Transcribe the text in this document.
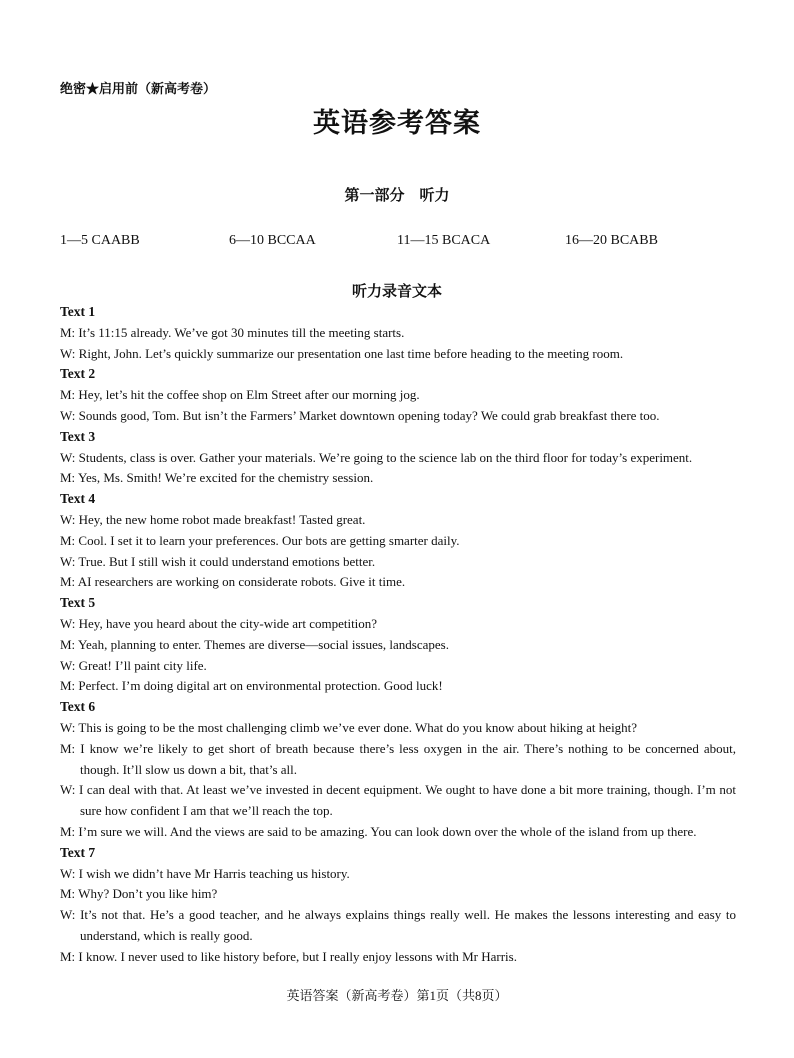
绝密★启用前（新高考卷）
英语参考答案
第一部分　听力
1—5 CAABB	6—10 BCCAA	11—15 BCACA	16—20 BCABB
听力录音文本
Text 1
M: It’s 11:15 already. We’ve got 30 minutes till the meeting starts.
W: Right, John. Let’s quickly summarize our presentation one last time before heading to the meeting room.
Text 2
M: Hey, let’s hit the coffee shop on Elm Street after our morning jog.
W: Sounds good, Tom. But isn’t the Farmers’ Market downtown opening today? We could grab breakfast there too.
Text 3
W: Students, class is over. Gather your materials. We’re going to the science lab on the third floor for today’s experiment.
M: Yes, Ms. Smith! We’re excited for the chemistry session.
Text 4
W: Hey, the new home robot made breakfast! Tasted great.
M: Cool. I set it to learn your preferences. Our bots are getting smarter daily.
W: True. But I still wish it could understand emotions better.
M: AI researchers are working on considerate robots. Give it time.
Text 5
W: Hey, have you heard about the city-wide art competition?
M: Yeah, planning to enter. Themes are diverse—social issues, landscapes.
W: Great! I’ll paint city life.
M: Perfect. I’m doing digital art on environmental protection. Good luck!
Text 6
W: This is going to be the most challenging climb we’ve ever done. What do you know about hiking at height?
M: I know we’re likely to get short of breath because there’s less oxygen in the air. There’s nothing to be concerned about, though. It’ll slow us down a bit, that’s all.
W: I can deal with that. At least we’ve invested in decent equipment. We ought to have done a bit more training, though. I’m not sure how confident I am that we’ll reach the top.
M: I’m sure we will. And the views are said to be amazing. You can look down over the whole of the island from up there.
Text 7
W: I wish we didn’t have Mr Harris teaching us history.
M: Why? Don’t you like him?
W: It’s not that. He’s a good teacher, and he always explains things really well. He makes the lessons interesting and easy to understand, which is really good.
M: I know. I never used to like history before, but I really enjoy lessons with Mr Harris.
英语答案（新高考卷）第1页（共8页）
